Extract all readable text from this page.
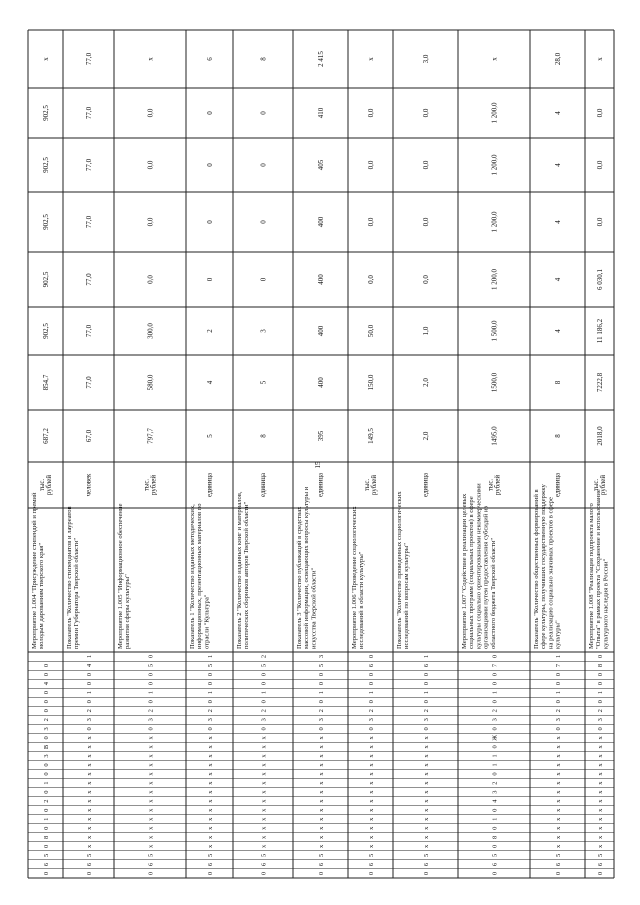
15
0
6
5
0
8
0
1
0
2
0
1
0
0
3
В
0
3
2
0
0
0
4
0
0
Мероприятие 1.004 "Присуждение стипендий и премий молодым дарованиям тверского края"
тыс. рублей
687,2
854,7
902,5
902,5
902,5
902,5
902,5
x
0
6
5
x
x
x
x
x
x
x
x
x
x
x
x
x
0
3
2
0
1
0
0
4
1
Показатель "Количество стипендиатов и лауреатов премии Губернатора Тверской области"
человек
67,0
77,0
77,0
77,0
77,0
77,0
77,0
77,0
0
6
5
x
x
x
x
x
x
x
x
x
x
x
x
x
0
3
2
0
1
0
0
5
0
Мероприятие 1.005 "Информационное обеспечение развития сферы культуры"
тыс. рублей
797,7
580,0
300,0
0,0
0,0
0,0
0,0
x
0
6
5
x
x
x
x
x
x
x
x
x
x
x
x
x
0
3
2
0
1
0
0
5
1
Показатель 1 "Количество изданных методических, информационных, презентационных материалов по отрасли "Культура"
единица
5
4
2
0
0
0
0
6
0
6
5
x
x
x
x
x
x
x
x
x
x
x
x
x
0
3
2
0
1
0
0
5
2
Показатель 2 "Количество изданных книг и материалов, политических сборников авторов Тверской области"
единица
8
5
3
0
0
0
0
8
0
6
5
x
x
x
x
x
x
x
x
x
x
x
x
x
0
3
2
0
1
0
0
5
3
Показатель 3 "Количество публикаций в средствах массовой информации, освещающих вопросы культуры и искусства Тверской области"
единица
395
400
400
400
400
405
410
2 415
0
6
5
x
x
x
x
x
x
x
x
x
x
x
x
x
0
3
2
0
1
0
0
6
0
Мероприятие 1.006 "Проведение социологических исследований в области культуры"
тыс. рублей
149,5
150,0
50,0
0,0
0,0
0,0
0,0
x
0
6
5
x
x
x
x
x
x
x
x
x
x
x
x
x
0
3
2
0
1
0
0
6
1
Показатель "Количество проведенных социологических исследований по вопросам культуры"
единица
2,0
2,0
1,0
0,0
0,0
0,0
0,0
3,0
0
6
5
0
8
0
1
0
4
3
2
0
1
1
0
Ж
0
3
2
0
1
0
0
7
0
Мероприятие 1.007 "Содействие в реализации целевых социальных программ (социальных проектов) в сфере культуры социально ориентированными некоммерческими организациями путем предоставления субсидий из областного бюджета Тверской области"
тыс. рублей
1495,0
1500,0
1 500,0
1 200,0
1 200,0
1 200,0
1 200,0
x
0
6
5
x
x
x
x
x
x
x
x
x
x
x
x
x
0
3
2
0
1
0
0
7
1
Показатель "Количество общественных формирований в сфере культуры, получивших государственную поддержку на реализацию социально значимых проектов в сфере культуры"
единица
8
8
4
4
4
4
4
28,0
0
6
5
x
x
x
x
x
x
x
x
x
x
x
x
x
0
3
2
0
1
0
0
8
0
Мероприятие 1.008 "Реализация подпроекта малого "Опыта" в рамках проекта "Сохранение и использование культурного наследия в России"
тыс. рублей
2018,0
7222,8
11 186,2
6 030,1
0,0
0,0
0,0
x
